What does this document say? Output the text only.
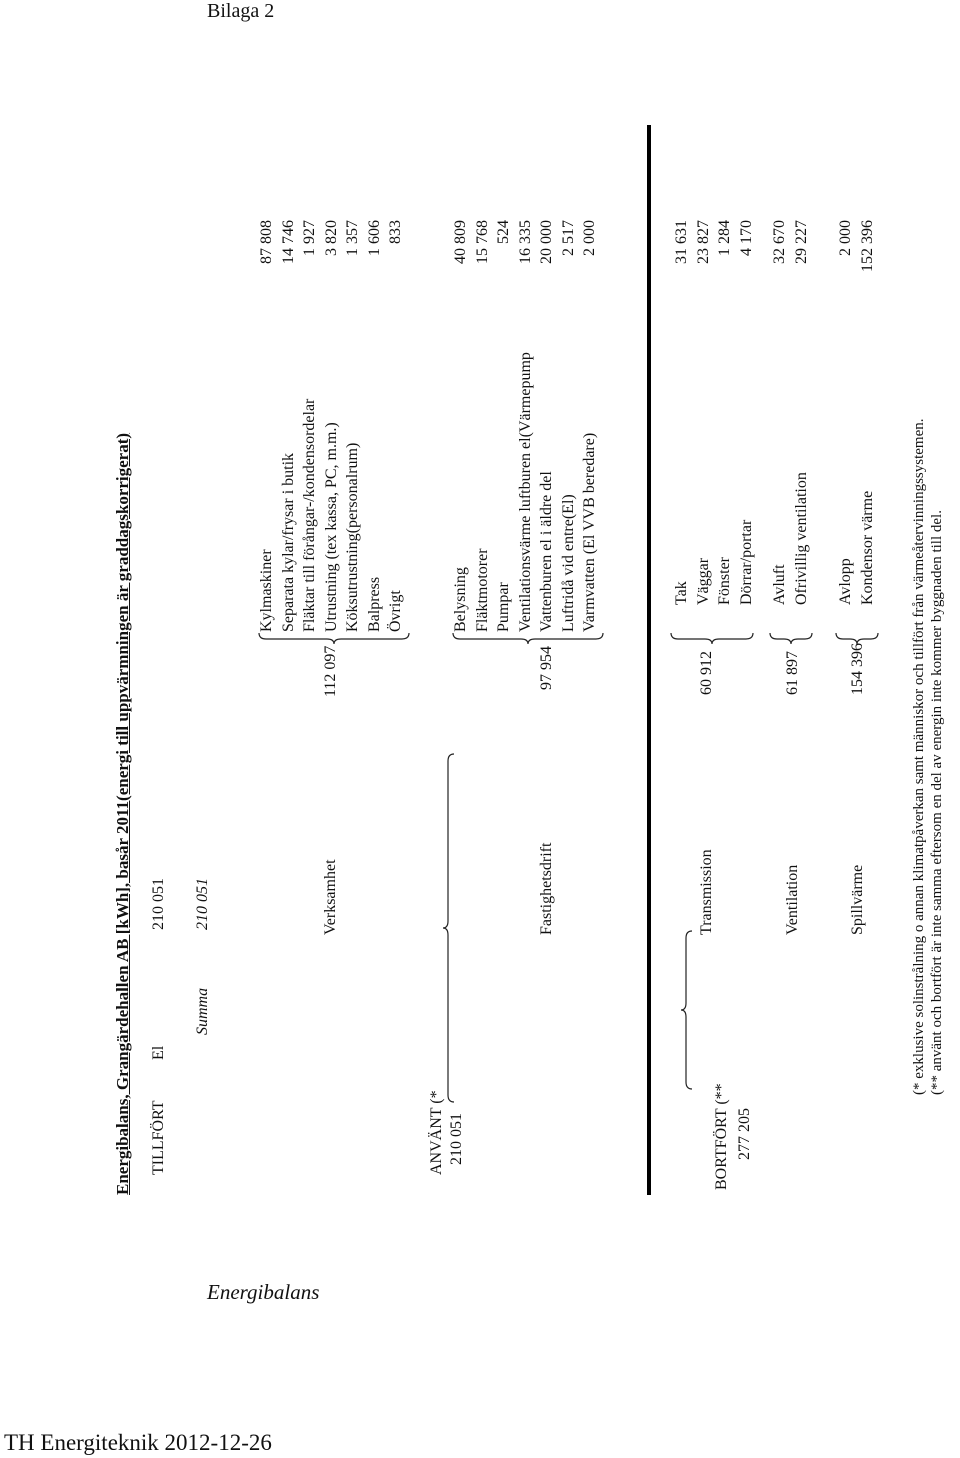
Bilaga 2
Energibalans, Grangärdehallen AB [kWh], basår 2011(energi till uppvärmningen är graddagskorrigerat) TILLFÖRT
El
210 051
Summa
210 051
ANVÄNT (* 210 051
Verksamhet
112 097
Kylmaskiner Separata kylar/frysar i butik Fläktar till förångar-/kondensordelar Utrustning (tex kassa, PC, m.m.) Köksutrustning(personalrum) Balpress Övrigt
87 808 14 746 1 927 3 820 1 357 1 606 833
Fastighetsdrift
97 954
Belysning Fläktmotorer Pumpar Ventilationsvärme luftburen el(Värmepump Vattenburen el i äldre del Luftridå vid entre(El) Varmvatten (El VVB beredare)
40 809 15 768 524 16 335 20 000 2 517 2 000
BORTFÖRT (** 277 205
Transmission
60 912
Tak Väggar Fönster Dörrar/portar
31 631 23 827 1 284 4 170
Ventilation
61 897
Avluft Ofrivillig ventilation
32 670 29 227
Spillvärme
154 396
Avlopp Kondensor värme
2 000 152 396
(* exklusive solinstrålning o annan klimatpåverkan samt människor och tillfört från värmeåtervinningssystemen. (** använt och bortfört är inte samma eftersom en del av energin inte kommer byggnaden till del.
Energibalans
TH Energiteknik 2012-12-26
